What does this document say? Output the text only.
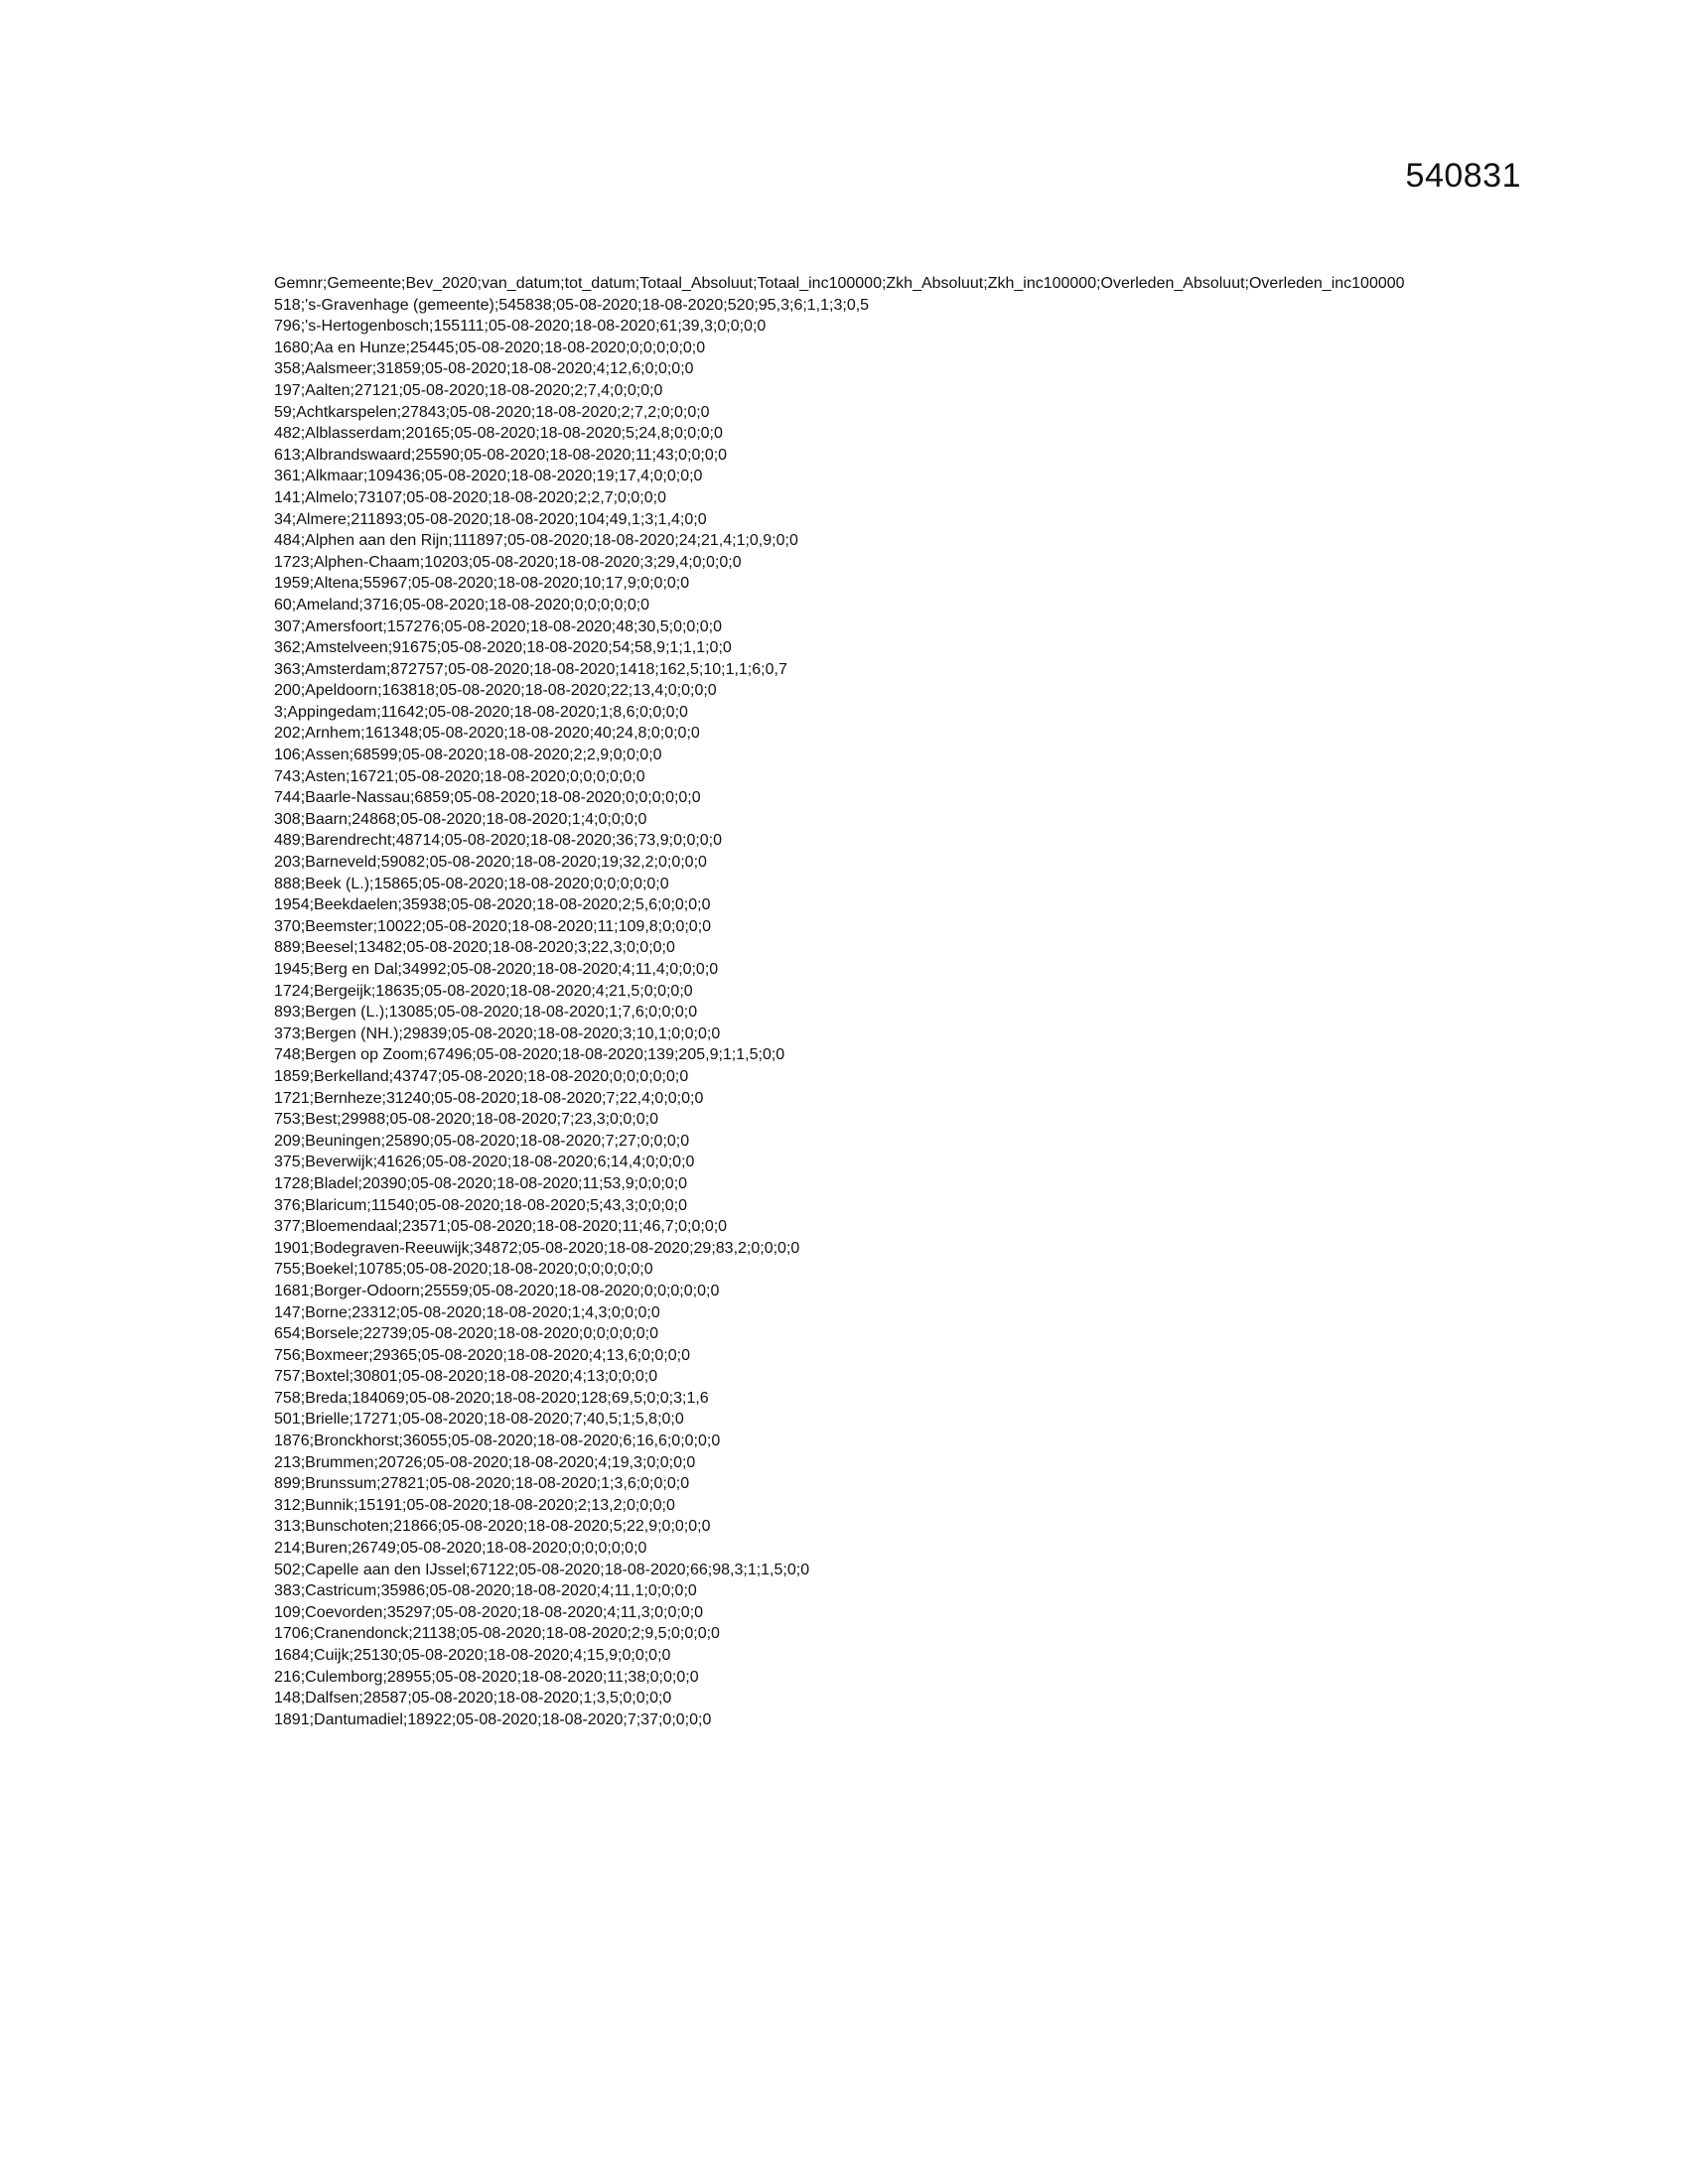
540831
Gemnr;Gemeente;Bev_2020;van_datum;tot_datum;Totaal_Absoluut;Totaal_inc100000;Zkh_Absoluut;Zkh_inc100000;Overleden_Absoluut;Overleden_inc100000
518;'s-Gravenhage (gemeente);545838;05-08-2020;18-08-2020;520;95,3;6;1,1;3;0,5
796;'s-Hertogenbosch;155111;05-08-2020;18-08-2020;61;39,3;0;0;0;0
1680;Aa en Hunze;25445;05-08-2020;18-08-2020;0;0;0;0;0;0
358;Aalsmeer;31859;05-08-2020;18-08-2020;4;12,6;0;0;0;0
197;Aalten;27121;05-08-2020;18-08-2020;2;7,4;0;0;0;0
59;Achtkarspelen;27843;05-08-2020;18-08-2020;2;7,2;0;0;0;0
482;Alblasserdam;20165;05-08-2020;18-08-2020;5;24,8;0;0;0;0
613;Albrandswaard;25590;05-08-2020;18-08-2020;11;43;0;0;0;0
361;Alkmaar;109436;05-08-2020;18-08-2020;19;17,4;0;0;0;0
141;Almelo;73107;05-08-2020;18-08-2020;2;2,7;0;0;0;0
34;Almere;211893;05-08-2020;18-08-2020;104;49,1;3;1,4;0;0
484;Alphen aan den Rijn;111897;05-08-2020;18-08-2020;24;21,4;1;0,9;0;0
1723;Alphen-Chaam;10203;05-08-2020;18-08-2020;3;29,4;0;0;0;0
1959;Altena;55967;05-08-2020;18-08-2020;10;17,9;0;0;0;0
60;Ameland;3716;05-08-2020;18-08-2020;0;0;0;0;0;0
307;Amersfoort;157276;05-08-2020;18-08-2020;48;30,5;0;0;0;0
362;Amstelveen;91675;05-08-2020;18-08-2020;54;58,9;1;1,1;0;0
363;Amsterdam;872757;05-08-2020;18-08-2020;1418;162,5;10;1,1;6;0,7
200;Apeldoorn;163818;05-08-2020;18-08-2020;22;13,4;0;0;0;0
3;Appingedam;11642;05-08-2020;18-08-2020;1;8,6;0;0;0;0
202;Arnhem;161348;05-08-2020;18-08-2020;40;24,8;0;0;0;0
106;Assen;68599;05-08-2020;18-08-2020;2;2,9;0;0;0;0
743;Asten;16721;05-08-2020;18-08-2020;0;0;0;0;0;0
744;Baarle-Nassau;6859;05-08-2020;18-08-2020;0;0;0;0;0;0
308;Baarn;24868;05-08-2020;18-08-2020;1;4;0;0;0;0
489;Barendrecht;48714;05-08-2020;18-08-2020;36;73,9;0;0;0;0
203;Barneveld;59082;05-08-2020;18-08-2020;19;32,2;0;0;0;0
888;Beek (L.);15865;05-08-2020;18-08-2020;0;0;0;0;0;0
1954;Beekdaelen;35938;05-08-2020;18-08-2020;2;5,6;0;0;0;0
370;Beemster;10022;05-08-2020;18-08-2020;11;109,8;0;0;0;0
889;Beesel;13482;05-08-2020;18-08-2020;3;22,3;0;0;0;0
1945;Berg en Dal;34992;05-08-2020;18-08-2020;4;11,4;0;0;0;0
1724;Bergeijk;18635;05-08-2020;18-08-2020;4;21,5;0;0;0;0
893;Bergen (L.);13085;05-08-2020;18-08-2020;1;7,6;0;0;0;0
373;Bergen (NH.);29839;05-08-2020;18-08-2020;3;10,1;0;0;0;0
748;Bergen op Zoom;67496;05-08-2020;18-08-2020;139;205,9;1;1,5;0;0
1859;Berkelland;43747;05-08-2020;18-08-2020;0;0;0;0;0;0
1721;Bernheze;31240;05-08-2020;18-08-2020;7;22,4;0;0;0;0
753;Best;29988;05-08-2020;18-08-2020;7;23,3;0;0;0;0
209;Beuningen;25890;05-08-2020;18-08-2020;7;27;0;0;0;0
375;Beverwijk;41626;05-08-2020;18-08-2020;6;14,4;0;0;0;0
1728;Bladel;20390;05-08-2020;18-08-2020;11;53,9;0;0;0;0
376;Blaricum;11540;05-08-2020;18-08-2020;5;43,3;0;0;0;0
377;Bloemendaal;23571;05-08-2020;18-08-2020;11;46,7;0;0;0;0
1901;Bodegraven-Reeuwijk;34872;05-08-2020;18-08-2020;29;83,2;0;0;0;0
755;Boekel;10785;05-08-2020;18-08-2020;0;0;0;0;0;0
1681;Borger-Odoorn;25559;05-08-2020;18-08-2020;0;0;0;0;0;0
147;Borne;23312;05-08-2020;18-08-2020;1;4,3;0;0;0;0
654;Borsele;22739;05-08-2020;18-08-2020;0;0;0;0;0;0
756;Boxmeer;29365;05-08-2020;18-08-2020;4;13,6;0;0;0;0
757;Boxtel;30801;05-08-2020;18-08-2020;4;13;0;0;0;0
758;Breda;184069;05-08-2020;18-08-2020;128;69,5;0;0;3;1,6
501;Brielle;17271;05-08-2020;18-08-2020;7;40,5;1;5,8;0;0
1876;Bronckhorst;36055;05-08-2020;18-08-2020;6;16,6;0;0;0;0
213;Brummen;20726;05-08-2020;18-08-2020;4;19,3;0;0;0;0
899;Brunssum;27821;05-08-2020;18-08-2020;1;3,6;0;0;0;0
312;Bunnik;15191;05-08-2020;18-08-2020;2;13,2;0;0;0;0
313;Bunschoten;21866;05-08-2020;18-08-2020;5;22,9;0;0;0;0
214;Buren;26749;05-08-2020;18-08-2020;0;0;0;0;0;0
502;Capelle aan den IJssel;67122;05-08-2020;18-08-2020;66;98,3;1;1,5;0;0
383;Castricum;35986;05-08-2020;18-08-2020;4;11,1;0;0;0;0
109;Coevorden;35297;05-08-2020;18-08-2020;4;11,3;0;0;0;0
1706;Cranendonck;21138;05-08-2020;18-08-2020;2;9,5;0;0;0;0
1684;Cuijk;25130;05-08-2020;18-08-2020;4;15,9;0;0;0;0
216;Culemborg;28955;05-08-2020;18-08-2020;11;38;0;0;0;0
148;Dalfsen;28587;05-08-2020;18-08-2020;1;3,5;0;0;0;0
1891;Dantumadiel;18922;05-08-2020;18-08-2020;7;37;0;0;0;0
